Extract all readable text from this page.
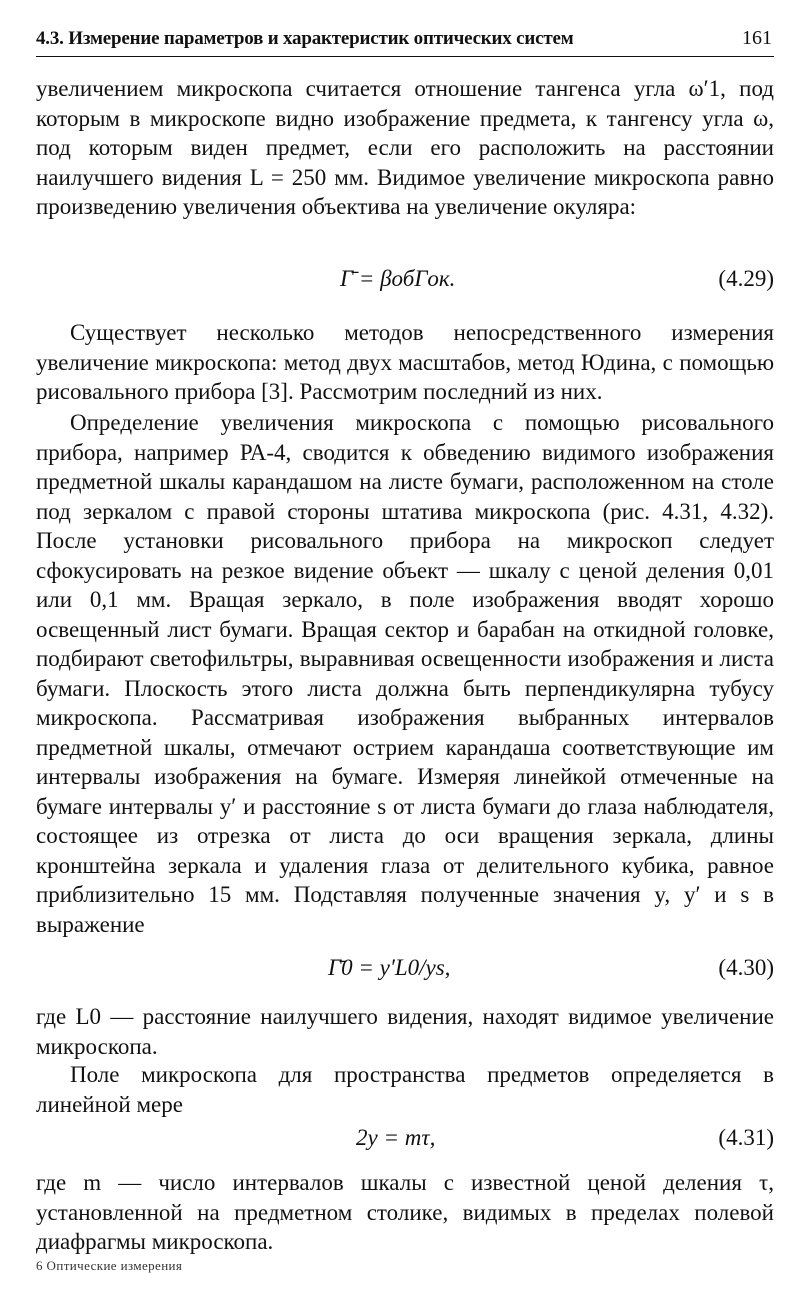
4.3. Измерение параметров и характеристик оптических систем	161

увеличением микроскопа считается отношение тангенса угла ω′1, под которым в микроскопе видно изображение предмета, к тангенсу угла ω, под которым виден предмет, если его расположить на расстоянии наилучшего видения L = 250 мм. Видимое увеличение микроскопа равно произведению увеличения объектива на увеличение окуляра:

Γ̄ = βобΓок.	(4.29)

Существует несколько методов непосредственного измерения увеличение микроскопа: метод двух масштабов, метод Юдина, с помощью рисовального прибора [3]. Рассмотрим последний из них.

Определение увеличения микроскопа с помощью рисовального прибора, например РА-4, сводится к обведению видимого изображения предметной шкалы карандашом на листе бумаги, расположенном на столе под зеркалом с правой стороны штатива микроскопа (рис. 4.31, 4.32). После установки рисовального прибора на микроскоп следует сфокусировать на резкое видение объект — шкалу с ценой деления 0,01 или 0,1 мм. Вращая зеркало, в поле изображения вводят хорошо освещенный лист бумаги. Вращая сектор и барабан на откидной головке, подбирают светофильтры, выравнивая освещенности изображения и листа бумаги. Плоскость этого листа должна быть перпендикулярна тубусу микроскопа. Рассматривая изображения выбранных интервалов предметной шкалы, отмечают острием карандаша соответствующие им интервалы изображения на бумаге. Измеряя линейкой отмеченные на бумаге интервалы y′ и расстояние s от листа бумаги до глаза наблюдателя, состоящее из отрезка от листа до оси вращения зеркала, длины кронштейна зеркала и удаления глаза от делительного кубика, равное приблизительно 15 мм. Подставляя полученные значения y, y′ и s в выражение

Γ̄0 = y′L0/ys,	(4.30)

где L0 — расстояние наилучшего видения, находят видимое увеличение микроскопа.

Поле микроскопа для пространства предметов определяется в линейной мере

2y = mτ,	(4.31)

где m — число интервалов шкалы с известной ценой деления τ, установленной на предметном столике, видимых в пределах полевой диафрагмы микроскопа.

6 Оптические измерения
